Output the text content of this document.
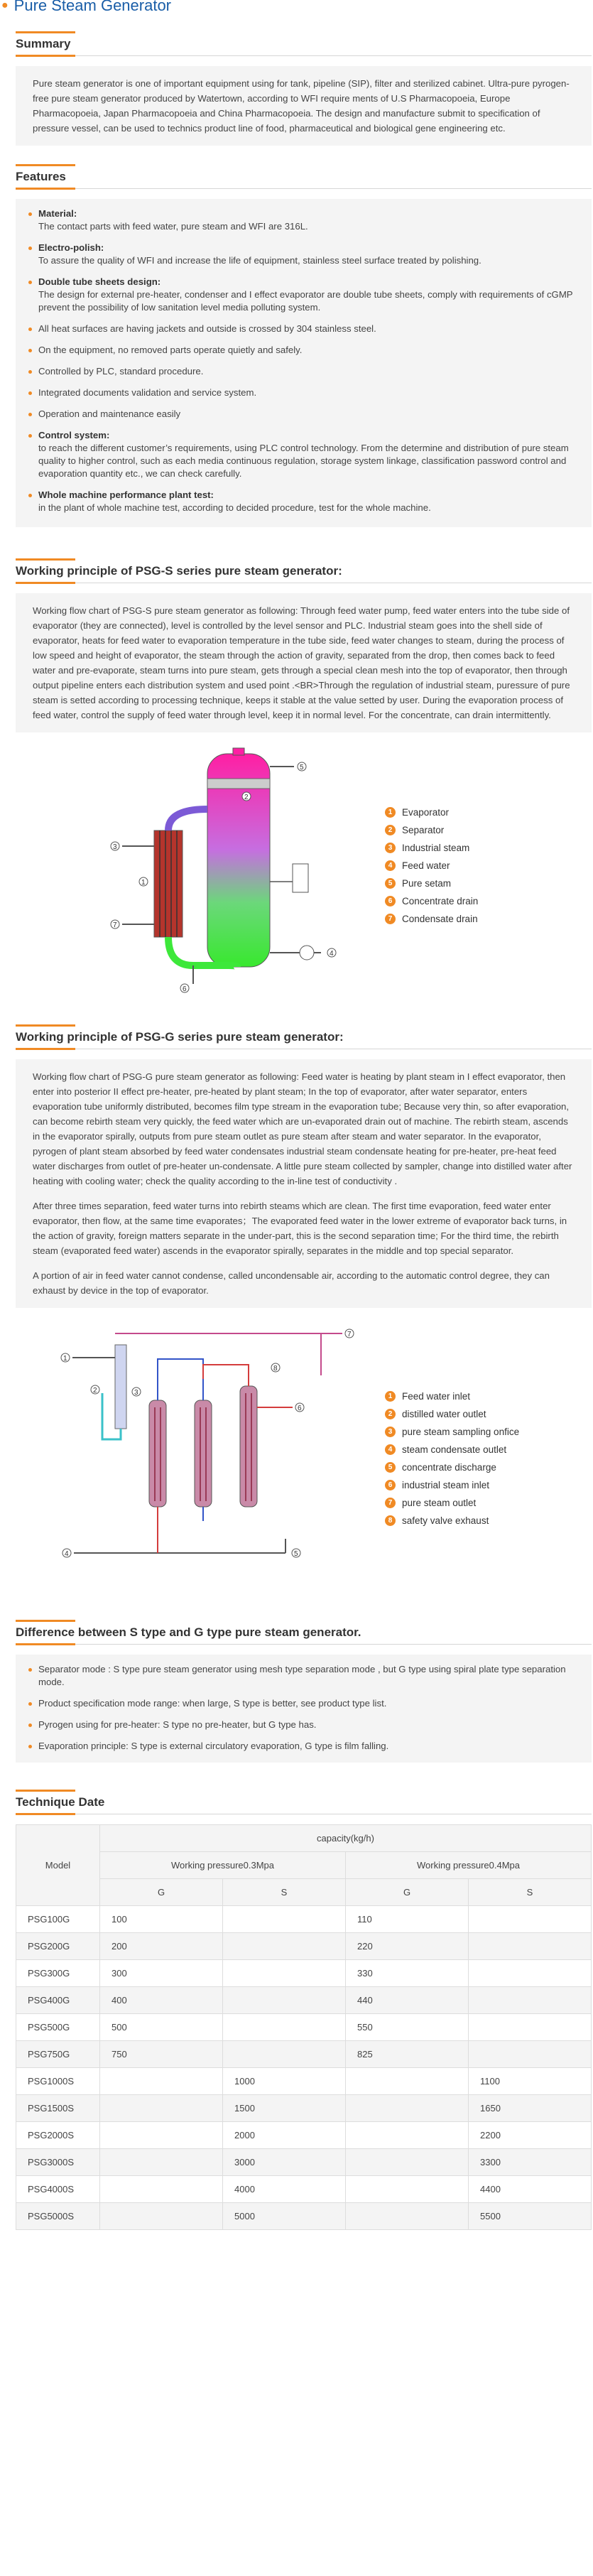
● Pure Steam Generator
Summary

Pure steam generator is one of important equipment using for tank, pipeline (SIP), filter and sterilized cabinet. Ultra-pure pyrogen-free pure steam generator produced by Watertown, according to WFI require ments of U.S Pharmacopoeia, Europe Pharmacopoeia, Japan Pharmacopoeia and China Pharmacopoeia. The design and manufacture submit to specification of pressure vessel, can be used to technics product line of food, pharmaceutical and biological gene engineering etc.

Features
Material:
The contact parts with feed water, pure steam and WFI are 316L.
Electro-polish:
To assure the quality of WFI and increase the life of equipment, stainless steel surface treated by polishing.
Double tube sheets design:
The design for external pre-heater, condenser and I effect evaporator are double tube sheets, comply with requirements of cGMP prevent the possibility of low sanitation level media polluting system.
All heat surfaces are having jackets and outside is crossed by 304 stainless steel.
On the equipment, no removed parts operate quietly and safely.
Controlled by PLC, standard procedure.
Integrated documents validation and service system.
Operation and maintenance easily
Control system:
to reach the different customer’s requirements, using PLC control technology. From the determine and distribution of pure steam quality to higher control, such as each media continuous regulation, storage system linkage, classification password control and evaporation quantity etc., we can check carefully.
Whole machine performance plant test:
in the plant of whole machine test, according to decided procedure, test for the whole machine.
Working principle of PSG-S series pure steam generator:

Working flow chart of PSG-S pure steam generator as following: Through feed water pump, feed water enters into the tube side of evaporator (they are connected), level is controlled by the level sensor and PLC. Industrial steam goes into the shell side of evaporator, heats for feed water to evaporation temperature in the tube side, feed water changes to steam, during the process of low speed and height of evaporator, the steam through the action of gravity, separated from the drop, then comes back to feed water and pre-evaporate, steam turns into pure steam, gets through a special clean mesh into the top of evaporator, then through output pipeline enters each distribution system and used point .<BR>Through the regulation of industrial steam, puressure of pure steam is setted according to processing technique, keeps it stable at the value setted by user. During the evaporation process of feed water, control the supply of feed water through level, keep it in normal level. For the concentrate, can drain intermittently.

1
2
3
4
5
6
7
1	Evaporator
2	Separator
3	Industrial steam
4	Feed water
5	Pure setam
6	Concentrate drain
7	Condensate drain
Working principle of PSG-G series pure steam generator:

Working flow chart of PSG-G pure steam generator as following: Feed water is heating by plant steam in I effect evaporator, then enter into posterior II effect pre-heater, pre-heated by plant steam; In the top of evaporator, after water separator, enters evaporation tube uniformly distributed, becomes film type stream in the evaporation tube; Because very thin, so after evaporation, can become rebirth steam very quickly, the feed water which are un-evaporated drain out of machine. The rebirth steam, ascends in the evaporator spirally, outputs from pure steam outlet as pure steam after steam and water separator. In the evaporator, pyrogen of plant steam absorbed by feed water condensates industrial steam condensate heating for pre-heater, pre-heat feed water discharges from outlet of pre-heater un-condensate. A little pure steam collected by sampler, change into distilled water after heating with cooling water; check the quality according to the in-line test of conductivity .

After three times separation, feed water turns into rebirth steams which are clean. The first time evaporation, feed water enter evaporator, then flow, at the same time evaporates；The evaporated feed water in the lower extreme of evaporator back turns, in the action of gravity, foreign matters separate in the under-part, this is the second separation time; For the third time, the rebirth steam (evaporated feed water) ascends in the evaporator spirally, separates in the middle and top special separator.

A portion of air in feed water cannot condense, called uncondensable air, according to the automatic control degree, they can exhaust by device in the top of evaporator.

1
2	3
4	5
6
7
8
1	Feed water inlet
2	distilled water outlet
3	pure steam sampling onfice
4	steam condensate outlet
5	concentrate discharge
6	industrial steam inlet
7	pure steam outlet
8	safety valve exhaust
Difference between S type and G type pure steam generator.
Separator mode : S type pure steam generator using mesh type separation mode , but G type using spiral plate type separation mode.
Product specification mode range: when large, S type is better, see product type list.
Pyrogen using for pre-heater: S type no pre-heater, but G type has.
Evaporation principle: S type is external circulatory evaporation, G type is film falling.
Technique Date
Model	capacity(kg/h)			
	Working pressure0.3Mpa		Working pressure0.4Mpa	
	G	S	G	S
PSG100G	100		110	
PSG200G	200		220	
PSG300G	300		330	
PSG400G	400		440	
PSG500G	500		550	
PSG750G	750		825	
PSG1000S		1000		1100
PSG1500S		1500		1650
PSG2000S		2000		2200
PSG3000S		3000		3300
PSG4000S		4000		4400
PSG5000S		5000		5500
